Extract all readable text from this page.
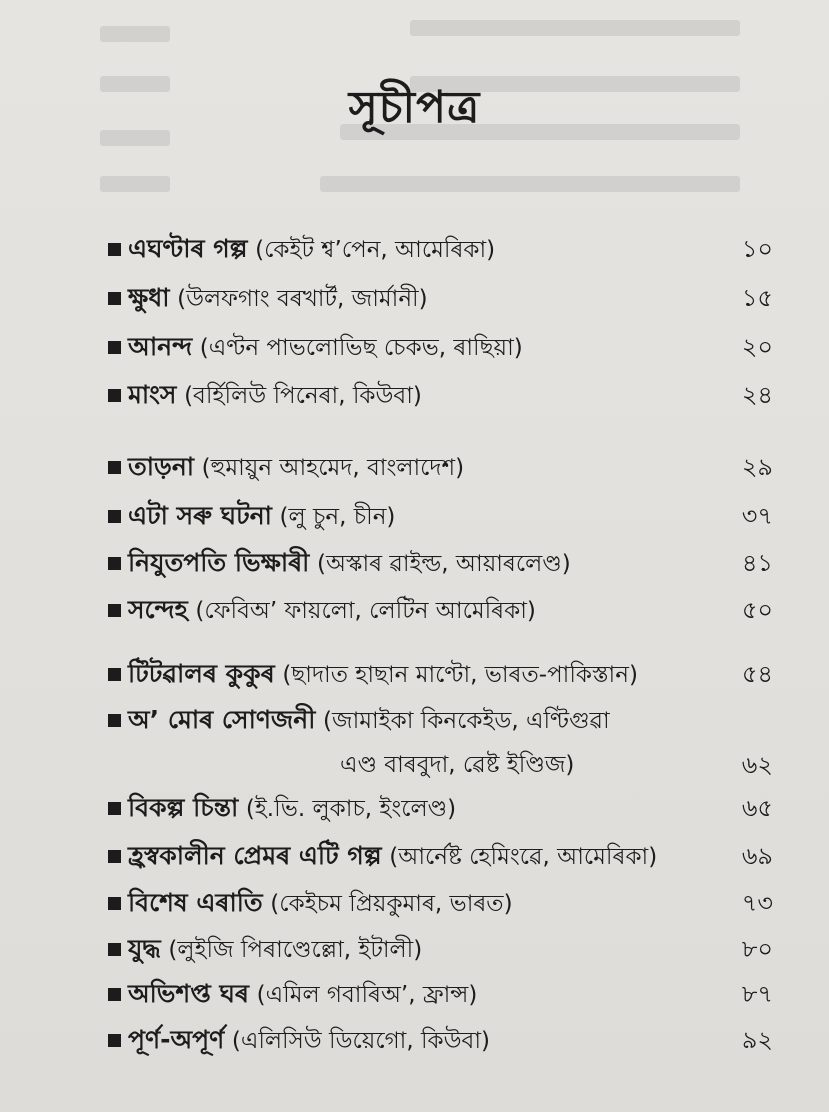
সূচীপত্ৰ
এঘণ্টাৰ গল্প (কেইট শ্ব’পেন, আমেৰিকা)	১০
ক্ষুধা (উলফগাং বৰখাৰ্ট, জাৰ্মানী)	১৫
আনন্দ (এণ্টন পাভলোভিছ চেকভ, ৰাছিয়া)	২০
মাংস (বৰ্হিলিউ পিনেৰা, কিউবা)	২৪
তাড়না (হুমায়ুন আহমেদ, বাংলাদেশ)	২৯
এটা সৰু ঘটনা (লু চুন, চীন)	৩৭
নিযুতপতি ভিক্ষাৰী (অস্কাৰ ৱাইল্ড, আয়াৰলেণ্ড)	৪১
সন্দেহ (ফেবিঅ’ ফায়লো, লেটিন আমেৰিকা)	৫০
টিটৱালৰ কুকুৰ (ছাদাত হাছান মাণ্টো, ভাৰত-পাকিস্তান)	৫৪
অ’ মোৰ সোণজনী (জামাইকা কিনকেইড, এণ্টিগুৱা
এণ্ড বাৰবুদা, ৱেষ্ট ইণ্ডিজ)	৬২
বিকল্প চিন্তা (ই.ভি. লুকাচ, ইংলেণ্ড)	৬৫
হ্ৰস্বকালীন প্ৰেমৰ এটি গল্প (আৰ্নেষ্ট হেমিংৱে, আমেৰিকা)	৬৯
বিশেষ এৰাতি (কেইচম প্ৰিয়কুমাৰ, ভাৰত)	৭৩
যুদ্ধ (লুইজি পিৰাণ্ডেল্লো, ইটালী)	৮০
অভিশপ্ত ঘৰ (এমিল গবাৰিঅ’, ফ্ৰান্স)	৮৭
পূৰ্ণ-অপূৰ্ণ (এলিসিউ ডিয়েগো, কিউবা)	৯২
